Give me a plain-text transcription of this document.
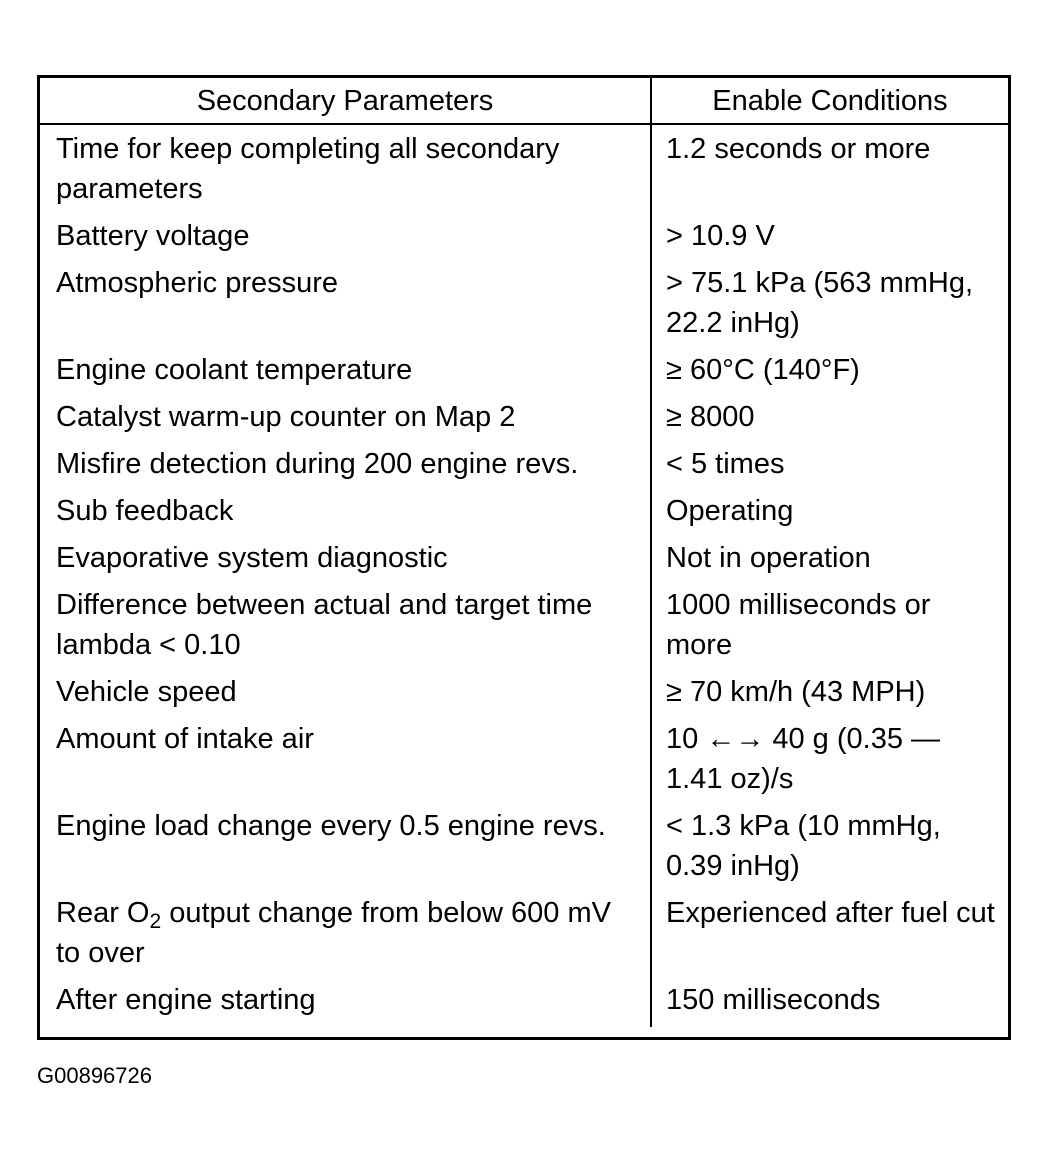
Secondary Parameters	Enable Conditions
Time for keep completing all secondary parameters	1.2 seconds or more
Battery voltage	> 10.9 V
Atmospheric pressure	> 75.1 kPa (563 mmHg, 22.2 inHg)
Engine coolant temperature	≥ 60°C (140°F)
Catalyst warm-up counter on Map 2	≥ 8000
Misfire detection during 200 engine revs.	< 5 times
Sub feedback	Operating
Evaporative system diagnostic	Not in operation
Difference between actual and target time lambda < 0.10	1000 milliseconds or more
Vehicle speed	≥ 70 km/h (43 MPH)
Amount of intake air	10 ←→ 40 g (0.35 — 1.41 oz)/s
Engine load change every 0.5 engine revs.	< 1.3 kPa (10 mmHg, 0.39 inHg)
Rear $O_2$ output change from below 600 mV to over	Experienced after fuel cut
After engine starting	150 milliseconds
G00896726
